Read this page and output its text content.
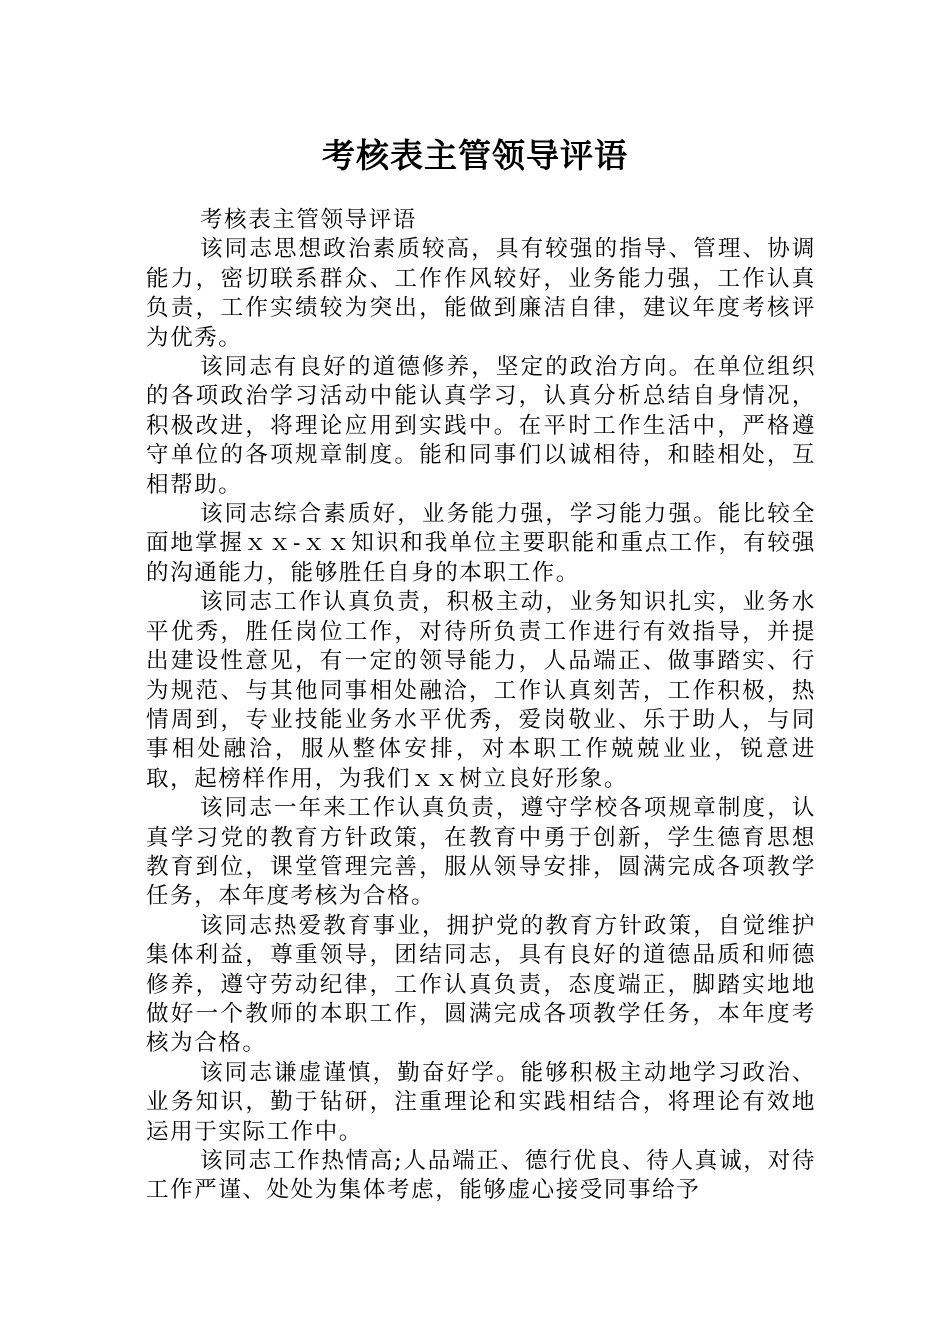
考核表主管领导评语

考核表主管领导评语

该同志思想政治素质较高，具有较强的指导、管理、协调能力，密切联系群众、工作作风较好，业务能力强，工作认真负责，工作实绩较为突出，能做到廉洁自律，建议年度考核评为优秀。

该同志有良好的道德修养，坚定的政治方向。在单位组织的各项政治学习活动中能认真学习，认真分析总结自身情况，积极改进，将理论应用到实践中。在平时工作生活中，严格遵守单位的各项规章制度。能和同事们以诚相待，和睦相处，互相帮助。

该同志综合素质好，业务能力强，学习能力强。能比较全面地掌握ｘｘ-ｘｘ知识和我单位主要职能和重点工作，有较强的沟通能力，能够胜任自身的本职工作。

该同志工作认真负责，积极主动，业务知识扎实，业务水平优秀，胜任岗位工作，对待所负责工作进行有效指导，并提出建设性意见，有一定的领导能力，人品端正、做事踏实、行为规范、与其他同事相处融洽，工作认真刻苦，工作积极，热情周到，专业技能业务水平优秀，爱岗敬业、乐于助人，与同事相处融洽，服从整体安排，对本职工作兢兢业业，锐意进取，起榜样作用，为我们ｘｘ树立良好形象。

该同志一年来工作认真负责，遵守学校各项规章制度，认真学习党的教育方针政策，在教育中勇于创新，学生德育思想教育到位，课堂管理完善，服从领导安排，圆满完成各项教学任务，本年度考核为合格。

该同志热爱教育事业，拥护党的教育方针政策，自觉维护集体利益，尊重领导，团结同志，具有良好的道德品质和师德修养，遵守劳动纪律，工作认真负责，态度端正，脚踏实地地做好一个教师的本职工作，圆满完成各项教学任务，本年度考核为合格。

该同志谦虚谨慎，勤奋好学。能够积极主动地学习政治、业务知识，勤于钻研，注重理论和实践相结合，将理论有效地运用于实际工作中。

该同志工作热情高;人品端正、德行优良、待人真诚，对待工作严谨、处处为集体考虑，能够虚心接受同事给予
